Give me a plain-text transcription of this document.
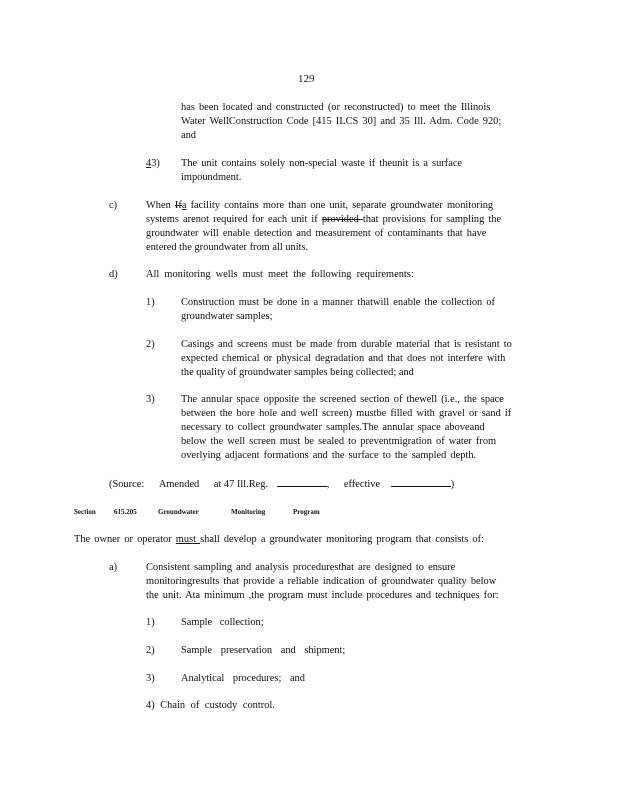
129
has been located and constructed (or reconstructed) to meet the Illinois
Water WellConstruction Code [415 ILCS 30] and 35 Ill. Adm. Code 920;
and
43) The unit contains solely non-special waste if theunit is a surface
impoundment.
c)	When Ifa facility contains more than one unit, separate groundwater monitoring
systems arenot required for each unit if provided that provisions for sampling the
groundwater will enable detection and measurement of contaminants that have
entered the groundwater from all units.
d)	All monitoring wells must meet the following requirements:
1)	Construction must be done in a manner thatwill enable the collection of
groundwater samples;
2)	Casings and screens must be made from durable material that is resistant to
expected chemical or physical degradation and that does not interfere with
the quality of groundwater samples being collected; and
3)	The annular space opposite the screened section of thewell (i.e., the space
between the bore hole and well screen) mustbe filled with gravel or sand if
necessary to collect groundwater samples.The annular space aboveand
below the well screen must be sealed to preventmigration of water from
overlying adjacent formations and the surface to the sampled depth.
(Source: Amended at 47 Ill.Reg.	, effective	)
Section	615.205	Groundwater	Monitoring	Program
The owner or operator must shall develop a groundwater monitoring program that consists of:
a)	Consistent sampling and analysis proceduresthat are designed to ensure
monitoringresults that provide a reliable indication of groundwater quality below
the unit. Ata minimum ,the program must include procedures and techniques for:
1)	Sample collection;
2)	Sample preservation and shipment;
3)	Analytical procedures; and
4) Chain of custody control.
